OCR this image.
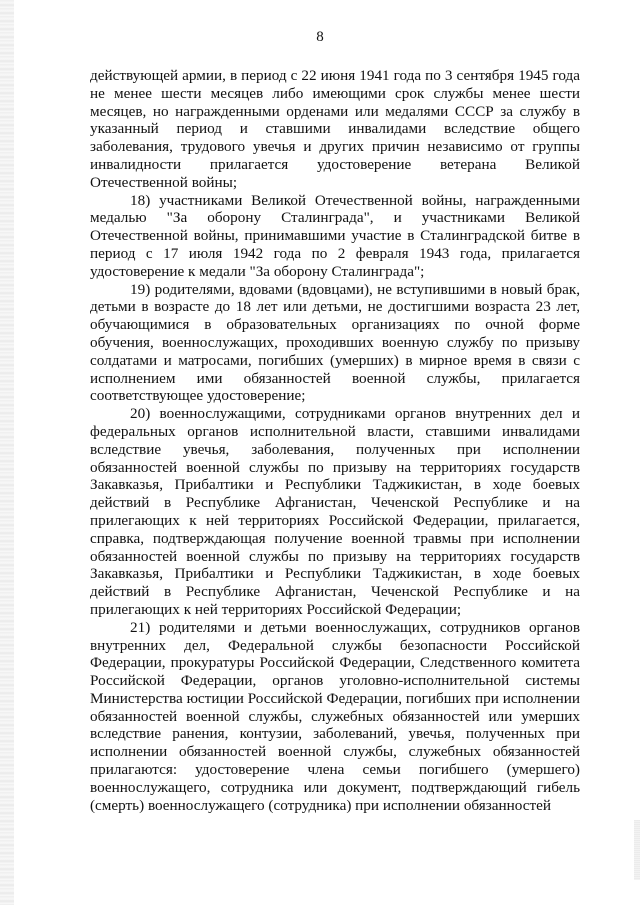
8

действующей армии, в период с 22 июня 1941 года по 3 сентября 1945 года не менее шести месяцев либо имеющими срок службы менее шести месяцев, но награжденными орденами или медалями СССР за службу в указанный период и ставшими инвалидами вследствие общего заболевания, трудового увечья и других причин независимо от группы инвалидности прилагается удостоверение ветерана Великой Отечественной войны;

18) участниками Великой Отечественной войны, награжденными медалью "За оборону Сталинграда", и участниками Великой Отечественной войны, принимавшими участие в Сталинградской битве в период с 17 июля 1942 года по 2 февраля 1943 года, прилагается удостоверение к медали "За оборону Сталинграда";

19) родителями, вдовами (вдовцами), не вступившими в новый брак, детьми в возрасте до 18 лет или детьми, не достигшими возраста 23 лет, обучающимися в образовательных организациях по очной форме обучения, военнослужащих, проходивших военную службу по призыву солдатами и матросами, погибших (умерших) в мирное время в связи с исполнением ими обязанностей военной службы, прилагается соответствующее удостоверение;

20) военнослужащими, сотрудниками органов внутренних дел и федеральных органов исполнительной власти, ставшими инвалидами вследствие увечья, заболевания, полученных при исполнении обязанностей военной службы по призыву на территориях государств Закавказья, Прибалтики и Республики Таджикистан, в ходе боевых действий в Республике Афганистан, Чеченской Республике и на прилегающих к ней территориях Российской Федерации, прилагается, справка, подтверждающая получение военной травмы при исполнении обязанностей военной службы по призыву на территориях государств Закавказья, Прибалтики и Республики Таджикистан, в ходе боевых действий в Республике Афганистан, Чеченской Республике и на прилегающих к ней территориях Российской Федерации;

21) родителями и детьми военнослужащих, сотрудников органов внутренних дел, Федеральной службы безопасности Российской Федерации, прокуратуры Российской Федерации, Следственного комитета Российской Федерации, органов уголовно-исполнительной системы Министерства юстиции Российской Федерации, погибших при исполнении обязанностей военной службы, служебных обязанностей или умерших вследствие ранения, контузии, заболеваний, увечья, полученных при исполнении обязанностей военной службы, служебных обязанностей прилагаются: удостоверение члена семьи погибшего (умершего) военнослужащего, сотрудника или документ, подтверждающий гибель (смерть) военнослужащего (сотрудника) при исполнении обязанностей
